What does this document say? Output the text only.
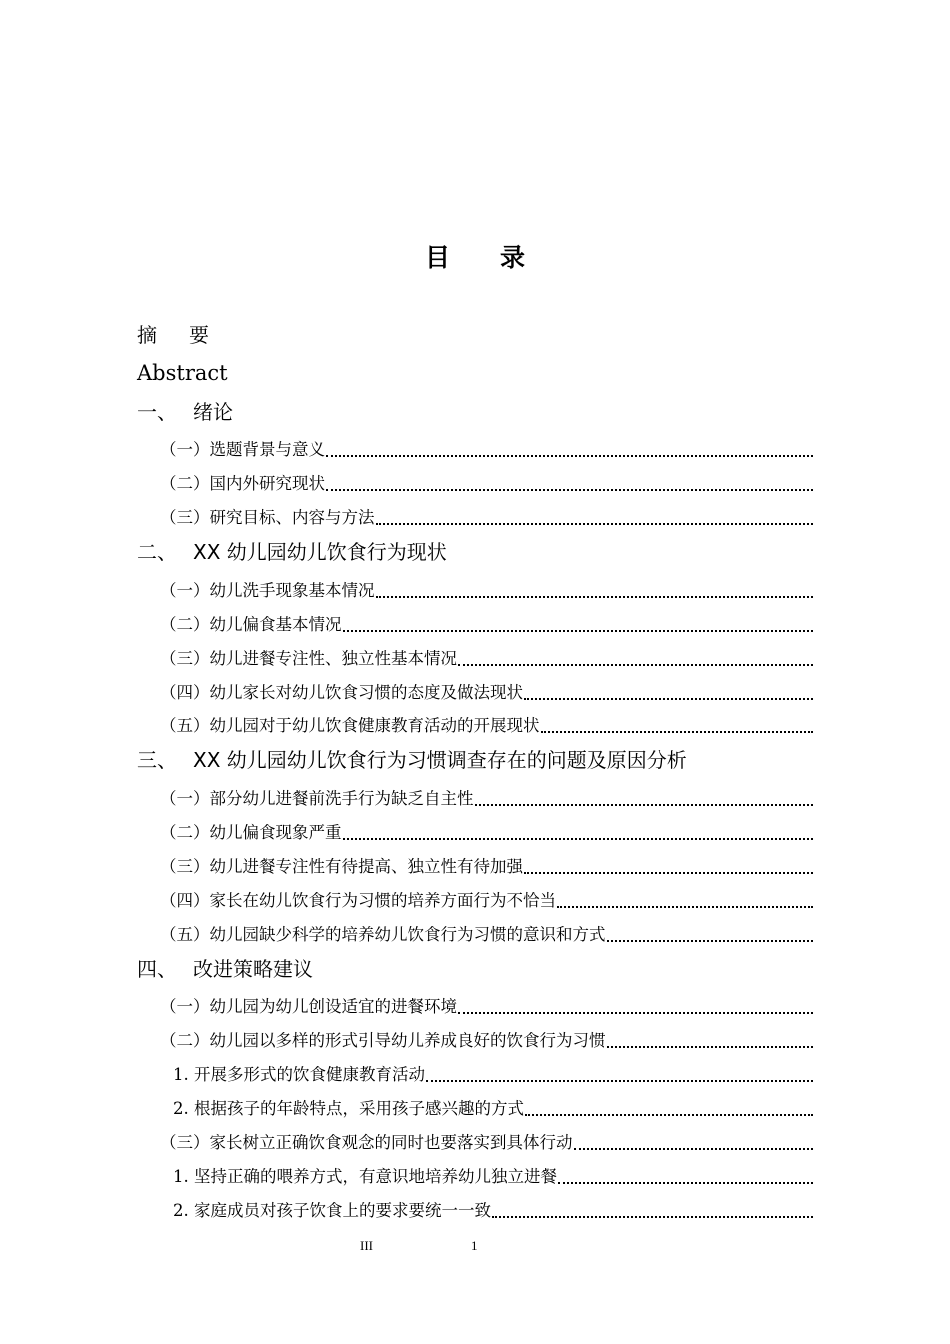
目 录
摘 要
Abstract
一、 绪论
（一）选题背景与意义
（二）国内外研究现状
（三）研究目标、内容与方法
二、 XX 幼儿园幼儿饮食行为现状
（一）幼儿洗手现象基本情况
（二）幼儿偏食基本情况
（三）幼儿进餐专注性、独立性基本情况
（四）幼儿家长对幼儿饮食习惯的态度及做法现状
（五）幼儿园对于幼儿饮食健康教育活动的开展现状
三、 XX 幼儿园幼儿饮食行为习惯调查存在的问题及原因分析
（一）部分幼儿进餐前洗手行为缺乏自主性
（二）幼儿偏食现象严重
（三）幼儿进餐专注性有待提高、独立性有待加强
（四）家长在幼儿饮食行为习惯的培养方面行为不恰当
（五）幼儿园缺少科学的培养幼儿饮食行为习惯的意识和方式
四、 改进策略建议
（一）幼儿园为幼儿创设适宜的进餐环境
（二）幼儿园以多样的形式引导幼儿养成良好的饮食行为习惯
1. 开展多形式的饮食健康教育活动
2. 根据孩子的年龄特点，采用孩子感兴趣的方式
（三）家长树立正确饮食观念的同时也要落实到具体行动
1. 坚持正确的喂养方式，有意识地培养幼儿独立进餐
2. 家庭成员对孩子饮食上的要求要统一一致
III	1
